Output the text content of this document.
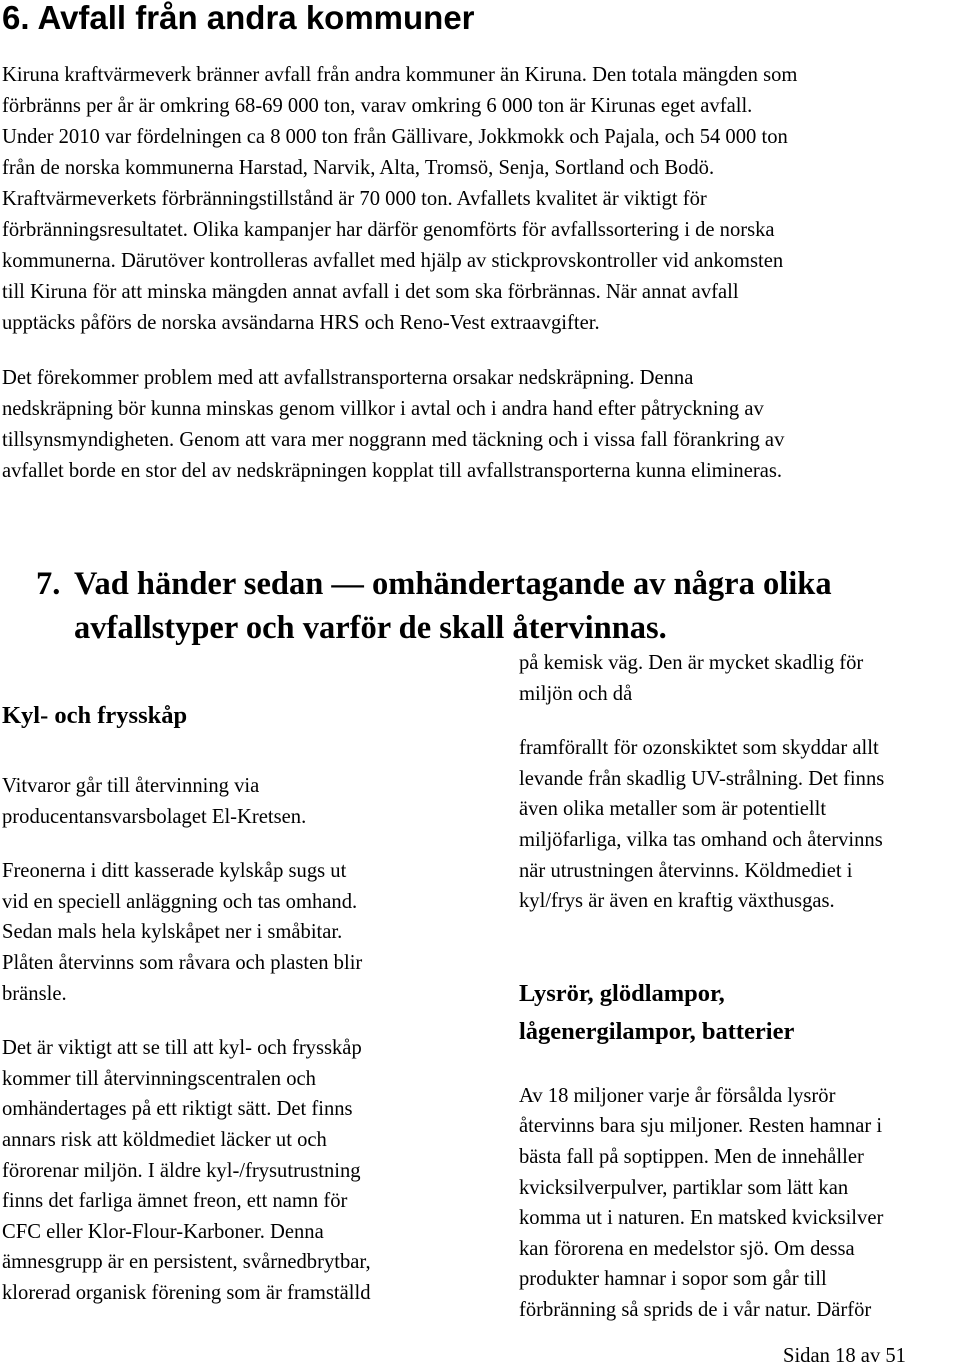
6. Avfall från andra kommuner

Kiruna kraftvärmeverk bränner avfall från andra kommuner än Kiruna. Den totala mängden som
förbränns per år är omkring 68-69 000 ton, varav omkring 6 000 ton är Kirunas eget avfall.
Under 2010 var fördelningen ca 8 000 ton från Gällivare, Jokkmokk och Pajala, och 54 000 ton
från de norska kommunerna Harstad, Narvik, Alta, Tromsö, Senja, Sortland och Bodö.
Kraftvärmeverkets förbränningstillstånd är 70 000 ton. Avfallets kvalitet är viktigt för
förbränningsresultatet. Olika kampanjer har därför genomförts för avfallssortering i de norska
kommunerna. Därutöver kontrolleras avfallet med hjälp av stickprovskontroller vid ankomsten
till Kiruna för att minska mängden annat avfall i det som ska förbrännas. När annat avfall
upptäcks påförs de norska avsändarna HRS och Reno-Vest extraavgifter.

Det förekommer problem med att avfallstransporterna orsakar nedskräpning. Denna
nedskräpning bör kunna minskas genom villkor i avtal och i andra hand efter påtryckning av
tillsynsmyndigheten. Genom att vara mer noggrann med täckning och i vissa fall förankring av
avfallet borde en stor del av nedskräpningen kopplat till avfallstransporterna kunna elimineras.

7. Vad händer sedan — omhändertagande av några olika
avfallstyper och varför de skall återvinnas.
Kyl- och frysskåp

Vitvaror går till återvinning via
producentansvarsbolaget El-Kretsen.

Freonerna i ditt kasserade kylskåp sugs ut
vid en speciell anläggning och tas omhand.
Sedan mals hela kylskåpet ner i småbitar.
Plåten återvinns som råvara och plasten blir
bränsle.

Det är viktigt att se till att kyl- och frysskåp
kommer till återvinningscentralen och
omhändertages på ett riktigt sätt. Det finns
annars risk att köldmediet läcker ut och
förorenar miljön. I äldre kyl-/frysutrustning
finns det farliga ämnet freon, ett namn för
CFC eller Klor-Flour-Karboner. Denna
ämnesgrupp är en persistent, svårnedbrytbar,
klorerad organisk förening som är framställd

på kemisk väg. Den är mycket skadlig för
miljön och då

framförallt för ozonskiktet som skyddar allt
levande från skadlig UV-strålning. Det finns
även olika metaller som är potentiellt
miljöfarliga, vilka tas omhand och återvinns
när utrustningen återvinns. Köldmediet i
kyl/frys är även en kraftig växthusgas.

Lysrör, glödlampor,
lågenergilampor, batterier

Av 18 miljoner varje år försålda lysrör
återvinns bara sju miljoner. Resten hamnar i
bästa fall på soptippen. Men de innehåller
kvicksilverpulver, partiklar som lätt kan
komma ut i naturen. En matsked kvicksilver
kan förorena en medelstor sjö. Om dessa
produkter hamnar i sopor som går till
förbränning så sprids de i vår natur. Därför

Sidan 18 av 51
